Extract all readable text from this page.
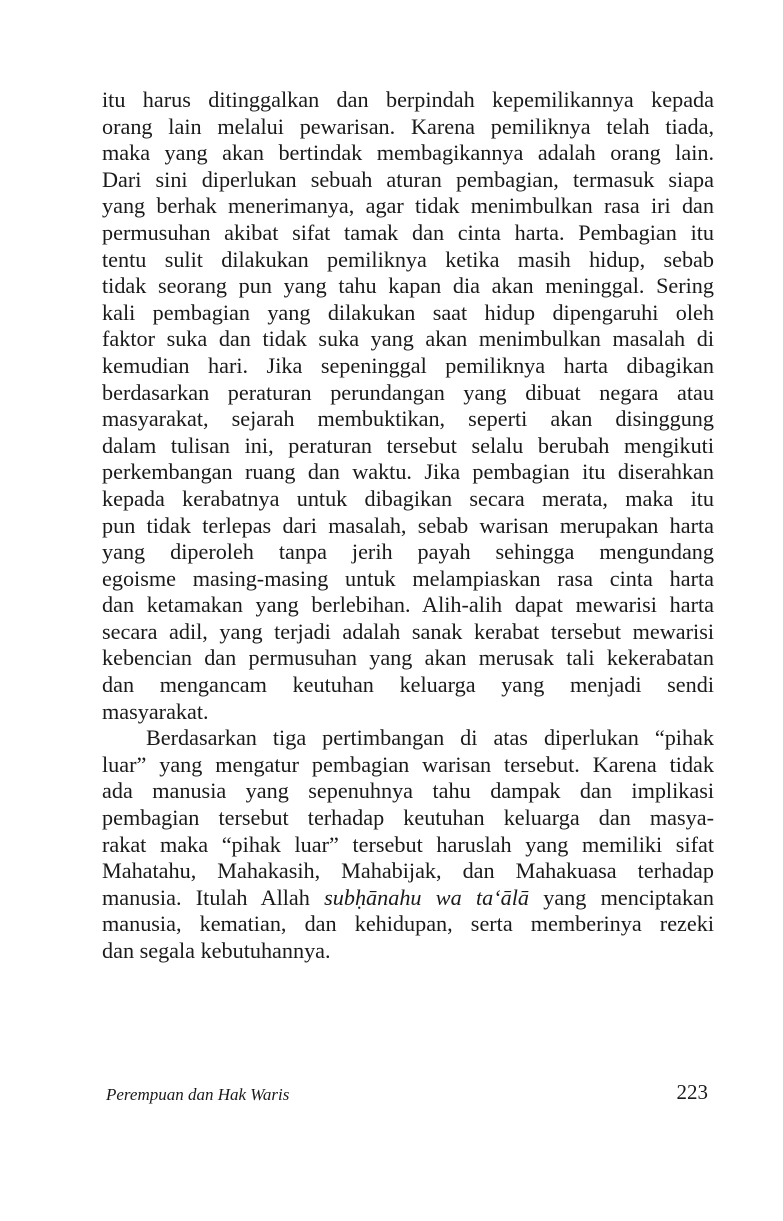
itu harus ditinggalkan dan berpindah kepemilikannya kepada
orang lain melalui pewarisan. Karena pemiliknya telah tiada,
maka yang akan bertindak membagikannya adalah orang lain.
Dari sini diperlukan sebuah aturan pembagian, termasuk siapa
yang berhak menerimanya, agar tidak menimbulkan rasa iri dan
permusuhan akibat sifat tamak dan cinta harta. Pembagian itu
tentu sulit dilakukan pemiliknya ketika masih hidup, sebab
tidak seorang pun yang tahu kapan dia akan meninggal. Sering
kali pembagian yang dilakukan saat hidup dipengaruhi oleh
faktor suka dan tidak suka yang akan menimbulkan masalah di
kemudian hari. Jika sepeninggal pemiliknya harta dibagikan
berdasarkan peraturan perundangan yang dibuat negara atau
masyarakat, sejarah membuktikan, seperti akan disinggung
dalam tulisan ini, peraturan tersebut selalu berubah mengikuti
perkembangan ruang dan waktu. Jika pembagian itu diserahkan
kepada kerabatnya untuk dibagikan secara merata, maka itu
pun tidak terlepas dari masalah, sebab warisan merupakan harta
yang diperoleh tanpa jerih payah sehingga mengundang
egoisme masing-masing untuk melampiaskan rasa cinta harta
dan ketamakan yang berlebihan. Alih-alih dapat mewarisi harta
secara adil, yang terjadi adalah sanak kerabat tersebut mewarisi
kebencian dan permusuhan yang akan merusak tali kekerabatan
dan mengancam keutuhan keluarga yang menjadi sendi
masyarakat.

Berdasarkan tiga pertimbangan di atas diperlukan “pihak
luar” yang mengatur pembagian warisan tersebut. Karena tidak
ada manusia yang sepenuhnya tahu dampak dan implikasi
pembagian tersebut terhadap keutuhan keluarga dan masya-
rakat maka “pihak luar” tersebut haruslah yang memiliki sifat
Mahatahu, Mahakasih, Mahabijak, dan Mahakuasa terhadap
manusia. Itulah Allah subḥānahu wa ta‘ālā yang menciptakan
manusia, kematian, dan kehidupan, serta memberinya rezeki
dan segala kebutuhannya.

Perempuan dan Hak Waris	223
